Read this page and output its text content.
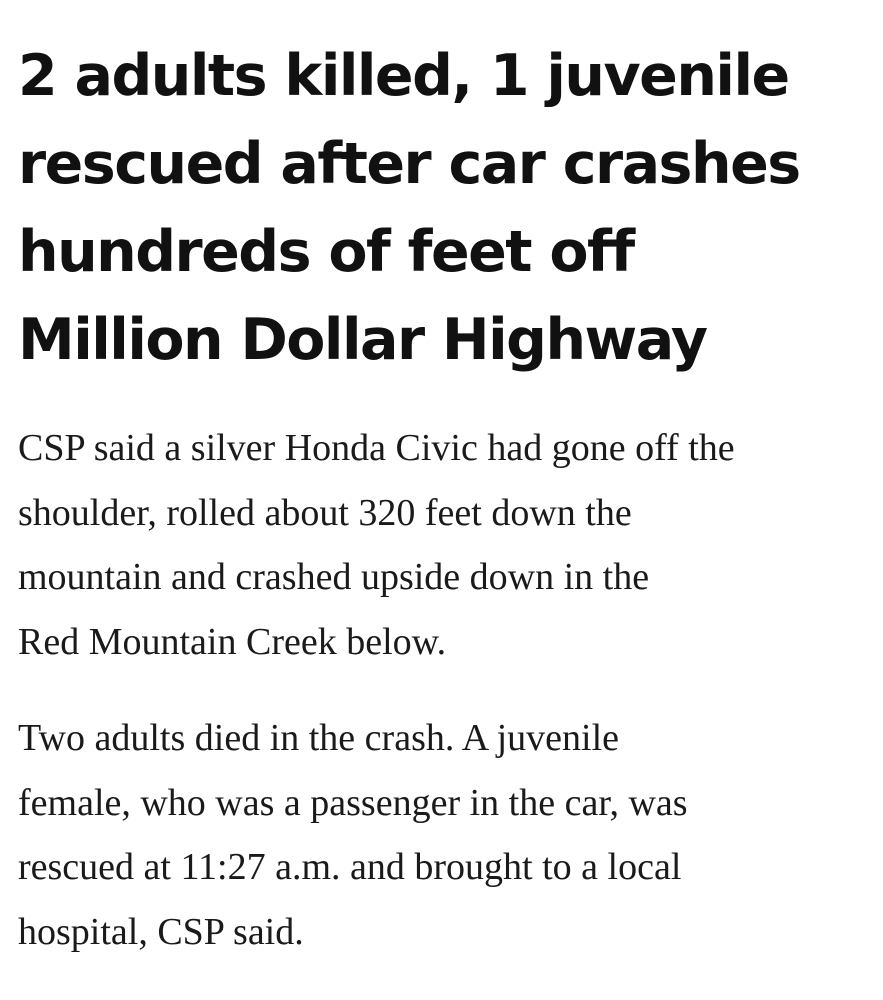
2 adults killed, 1 juvenile
rescued after car crashes
hundreds of feet off
Million Dollar Highway

CSP said a silver Honda Civic had gone off the
shoulder, rolled about 320 feet down the
mountain and crashed upside down in the
Red Mountain Creek below.

Two adults died in the crash. A juvenile
female, who was a passenger in the car, was
rescued at 11:27 a.m. and brought to a local
hospital, CSP said.
